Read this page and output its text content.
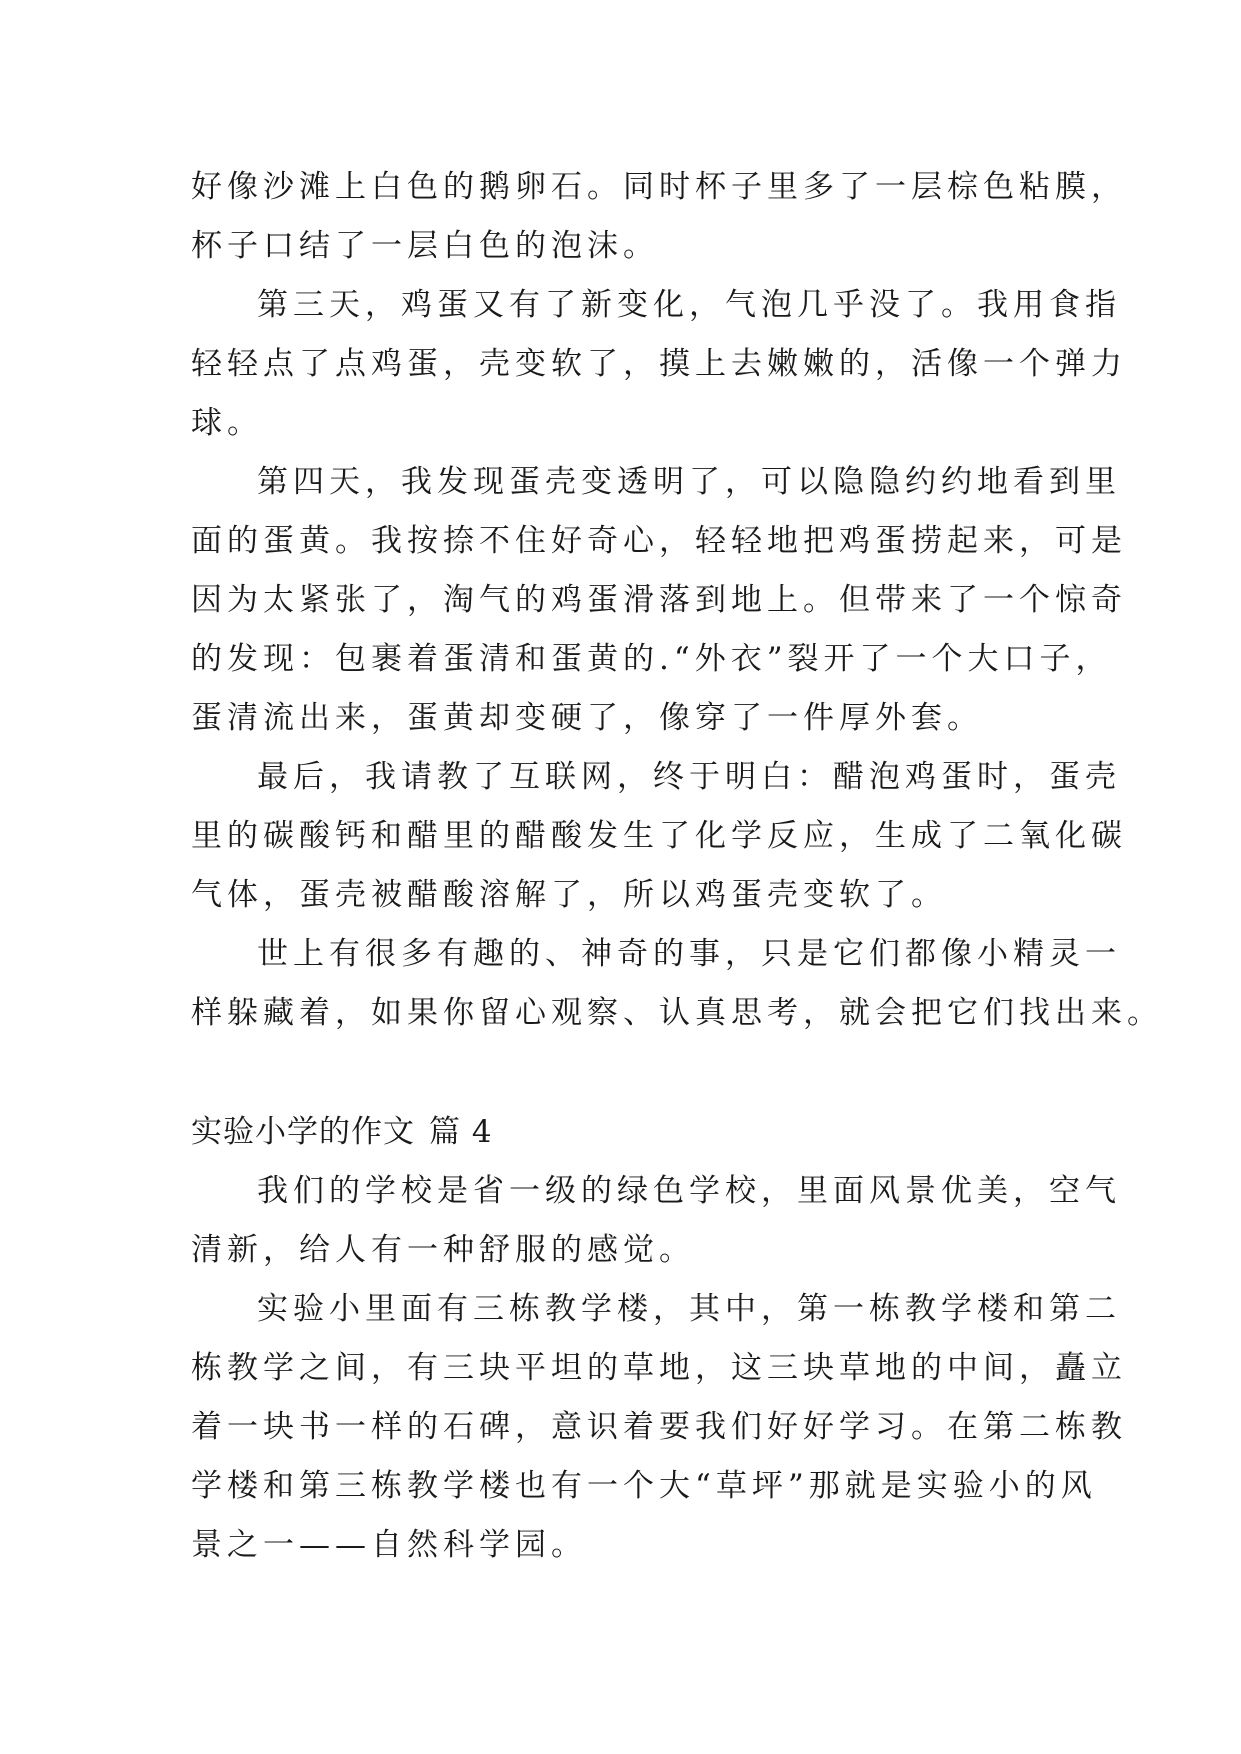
好像沙滩上白色的鹅卵石。同时杯子里多了一层棕色粘膜，
杯子口结了一层白色的泡沫。
第三天，鸡蛋又有了新变化，气泡几乎没了。我用食指
轻轻点了点鸡蛋，壳变软了，摸上去嫩嫩的，活像一个弹力
球。
第四天，我发现蛋壳变透明了，可以隐隐约约地看到里
面的蛋黄。我按捺不住好奇心，轻轻地把鸡蛋捞起来，可是
因为太紧张了，淘气的鸡蛋滑落到地上。但带来了一个惊奇
的发现：包裹着蛋清和蛋黄的.“外衣”裂开了一个大口子，
蛋清流出来，蛋黄却变硬了，像穿了一件厚外套。
最后，我请教了互联网，终于明白：醋泡鸡蛋时，蛋壳
里的碳酸钙和醋里的醋酸发生了化学反应，生成了二氧化碳
气体，蛋壳被醋酸溶解了，所以鸡蛋壳变软了。
世上有很多有趣的、神奇的事，只是它们都像小精灵一
样躲藏着，如果你留心观察、认真思考，就会把它们找出来。
实验小学的作文 篇 4
我们的学校是省一级的绿色学校，里面风景优美，空气
清新，给人有一种舒服的感觉。
实验小里面有三栋教学楼，其中，第一栋教学楼和第二
栋教学之间，有三块平坦的草地，这三块草地的中间，矗立
着一块书一样的石碑，意识着要我们好好学习。在第二栋教
学楼和第三栋教学楼也有一个大“草坪”那就是实验小的风
景之一——自然科学园。
